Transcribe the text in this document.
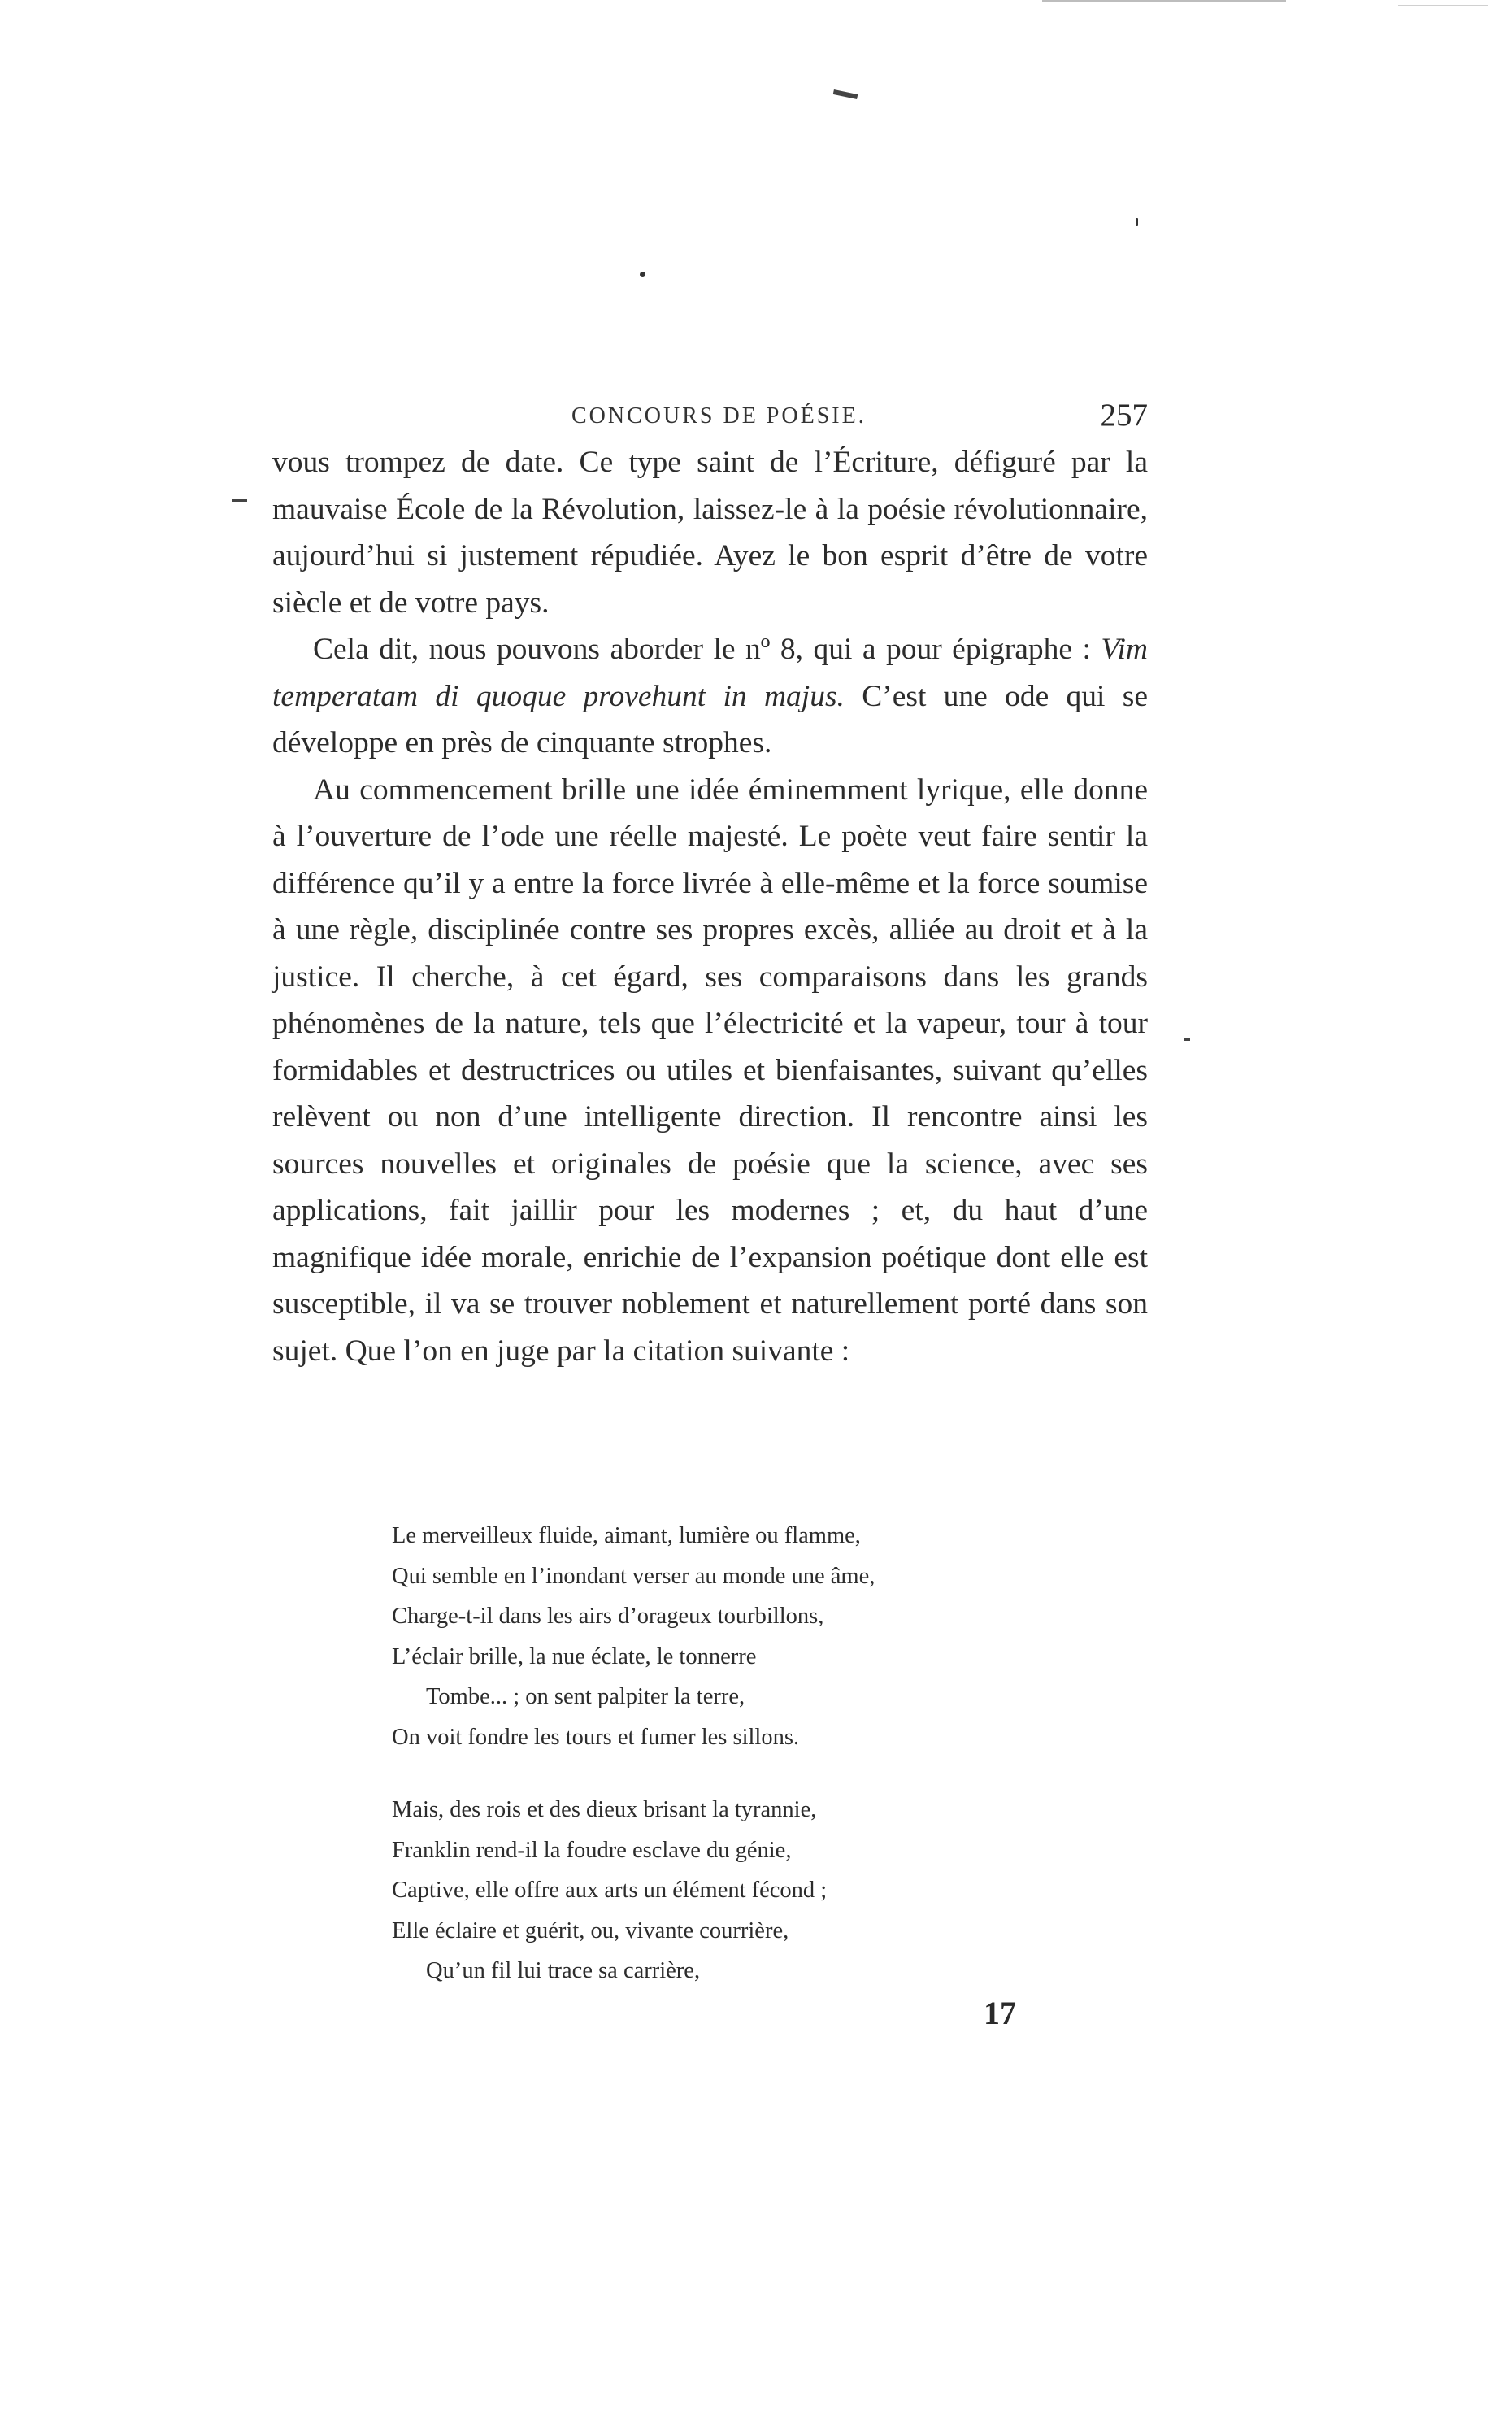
CONCOURS DE POÉSIE.	257

vous trompez de date. Ce type saint de l’Écriture, défiguré par la mauvaise École de la Révolution, laissez-le à la poésie révolutionnaire, aujourd’hui si justement répudiée. Ayez le bon esprit d’être de votre siècle et de votre pays.

Cela dit, nous pouvons aborder le nº 8, qui a pour épigraphe : Vim temperatam di quoque provehunt in majus. C’est une ode qui se développe en près de cinquante strophes.

Au commencement brille une idée éminemment lyrique, elle donne à l’ouverture de l’ode une réelle majesté. Le poète veut faire sentir la différence qu’il y a entre la force livrée à elle-même et la force soumise à une règle, disciplinée contre ses propres excès, alliée au droit et à la justice. Il cherche, à cet égard, ses comparaisons dans les grands phénomènes de la nature, tels que l’électricité et la vapeur, tour à tour formidables et destructrices ou utiles et bienfaisantes, suivant qu’elles relèvent ou non d’une intelligente direction. Il rencontre ainsi les sources nouvelles et originales de poésie que la science, avec ses applications, fait jaillir pour les modernes ; et, du haut d’une magnifique idée morale, enrichie de l’expansion poétique dont elle est susceptible, il va se trouver noblement et naturellement porté dans son sujet. Que l’on en juge par la citation suivante :

Le merveilleux fluide, aimant, lumière ou flamme,
Qui semble en l’inondant verser au monde une âme,
Charge-t-il dans les airs d’orageux tourbillons,
L’éclair brille, la nue éclate, le tonnerre
Tombe... ; on sent palpiter la terre,
On voit fondre les tours et fumer les sillons.
Mais, des rois et des dieux brisant la tyrannie,
Franklin rend-il la foudre esclave du génie,
Captive, elle offre aux arts un élément fécond ;
Elle éclaire et guérit, ou, vivante courrière,
Qu’un fil lui trace sa carrière,
17
